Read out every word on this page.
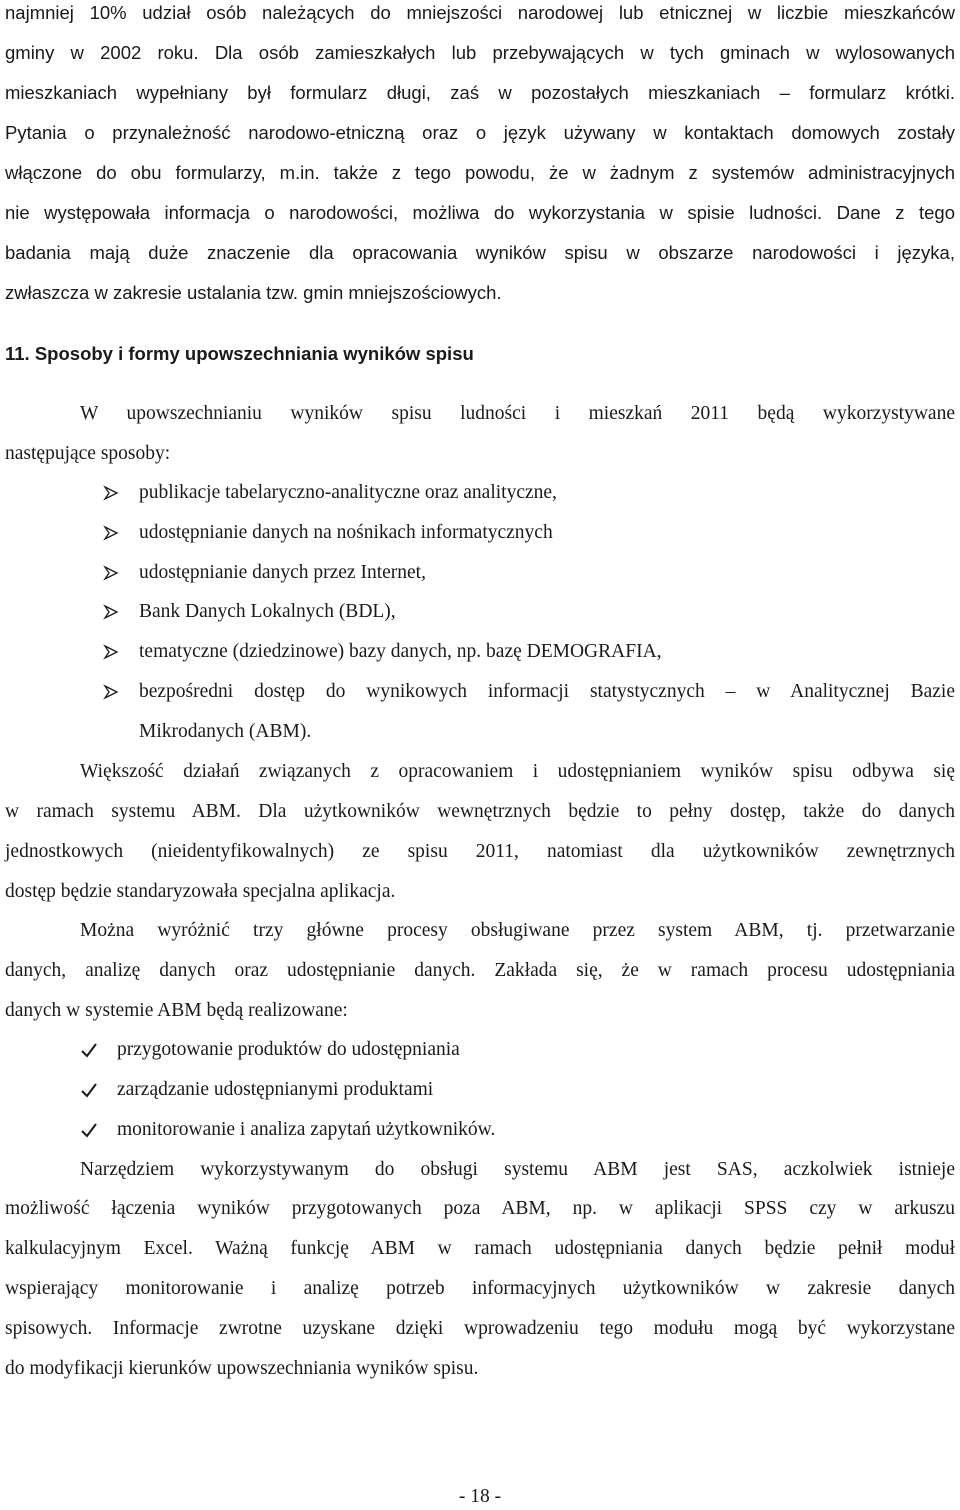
najmniej 10% udział osób należących do mniejszości narodowej lub etnicznej w liczbie mieszkańców
gminy w 2002 roku. Dla osób zamieszkałych lub przebywających w tych gminach w wylosowanych
mieszkaniach wypełniany był formularz długi, zaś w pozostałych mieszkaniach – formularz krótki.
Pytania o przynależność narodowo-etniczną oraz o język używany w kontaktach domowych zostały
włączone do obu formularzy, m.in. także z tego powodu, że w żadnym z systemów administracyjnych
nie występowała informacja o narodowości, możliwa do wykorzystania w spisie ludności. Dane z tego
badania mają duże znaczenie dla opracowania wyników spisu w obszarze narodowości i języka,
zwłaszcza w zakresie ustalania tzw. gmin mniejszościowych.
11. Sposoby i formy upowszechniania wyników spisu
W upowszechnianiu wyników spisu ludności i mieszkań 2011 będą wykorzystywane
następujące sposoby:
publikacje tabelaryczno-analityczne oraz analityczne,
udostępnianie danych na nośnikach informatycznych
udostępnianie danych przez Internet,
Bank Danych Lokalnych (BDL),
tematyczne (dziedzinowe) bazy danych, np. bazę DEMOGRAFIA,
bezpośredni dostęp do wynikowych informacji statystycznych – w Analitycznej Bazie
Mikrodanych (ABM).
Większość działań związanych z opracowaniem i udostępnianiem wyników spisu odbywa się
w ramach systemu ABM. Dla użytkowników wewnętrznych będzie to pełny dostęp, także do danych
jednostkowych (nieidentyfikowalnych) ze spisu 2011, natomiast dla użytkowników zewnętrznych
dostęp będzie standaryzowała specjalna aplikacja.
Można wyróżnić trzy główne procesy obsługiwane przez system ABM, tj. przetwarzanie
danych, analizę danych oraz udostępnianie danych. Zakłada się, że w ramach procesu udostępniania
danych w systemie ABM będą realizowane:
przygotowanie produktów do udostępniania
zarządzanie udostępnianymi produktami
monitorowanie i analiza zapytań użytkowników.
Narzędziem wykorzystywanym do obsługi systemu ABM jest SAS, aczkolwiek istnieje
możliwość łączenia wyników przygotowanych poza ABM, np. w aplikacji SPSS czy w arkuszu
kalkulacyjnym Excel. Ważną funkcję ABM w ramach udostępniania danych będzie pełnił moduł
wspierający monitorowanie i analizę potrzeb informacyjnych użytkowników w zakresie danych
spisowych. Informacje zwrotne uzyskane dzięki wprowadzeniu tego modułu mogą być wykorzystane
do modyfikacji kierunków upowszechniania wyników spisu.
- 18 -
